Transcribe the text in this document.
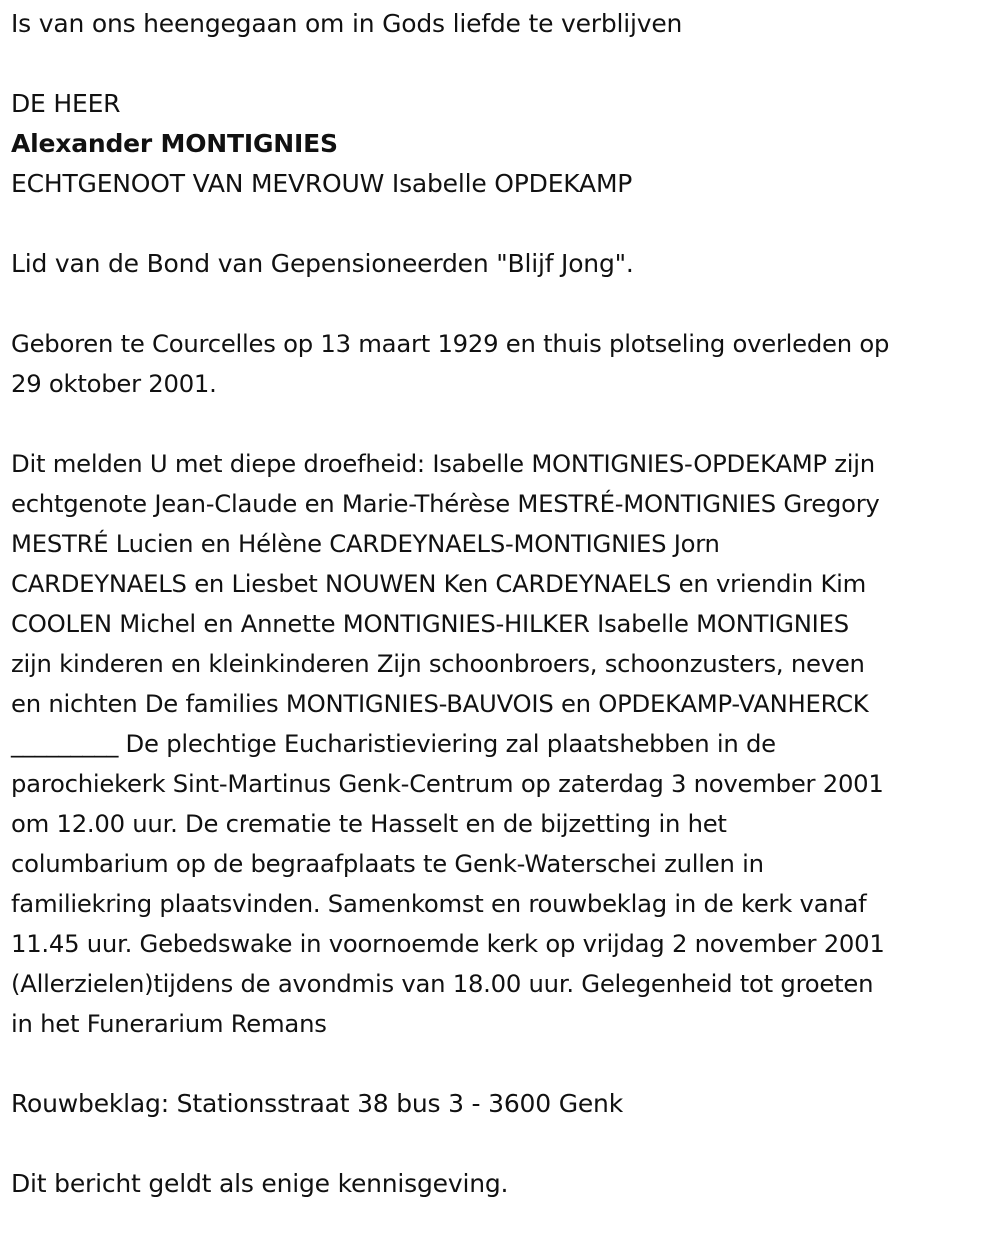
Is van ons heengegaan om in Gods liefde te verblijven

DE HEER

Alexander MONTIGNIES

ECHTGENOOT VAN MEVROUW Isabelle OPDEKAMP

Lid van de Bond van Gepensioneerden "Blijf Jong".

Geboren te Courcelles op 13 maart 1929 en thuis plotseling overleden op
29 oktober 2001.

Dit melden U met diepe droefheid: Isabelle MONTIGNIES-OPDEKAMP zijn
echtgenote Jean-Claude en Marie-Thérèse MESTRÉ-MONTIGNIES Gregory
MESTRÉ Lucien en Hélène CARDEYNAELS-MONTIGNIES Jorn
CARDEYNAELS en Liesbet NOUWEN Ken CARDEYNAELS en vriendin Kim
COOLEN Michel en Annette MONTIGNIES-HILKER Isabelle MONTIGNIES
zijn kinderen en kleinkinderen Zijn schoonbroers, schoonzusters, neven
en nichten De families MONTIGNIES-BAUVOIS en OPDEKAMP-VANHERCK
_________ De plechtige Eucharistieviering zal plaatshebben in de
parochiekerk Sint-Martinus Genk-Centrum op zaterdag 3 november 2001
om 12.00 uur. De crematie te Hasselt en de bijzetting in het
columbarium op de begraafplaats te Genk-Waterschei zullen in
familiekring plaatsvinden. Samenkomst en rouwbeklag in de kerk vanaf
11.45 uur. Gebedswake in voornoemde kerk op vrijdag 2 november 2001
(Allerzielen)tijdens de avondmis van 18.00 uur. Gelegenheid tot groeten
in het Funerarium Remans

Rouwbeklag: Stationsstraat 38 bus 3 - 3600 Genk

Dit bericht geldt als enige kennisgeving.
